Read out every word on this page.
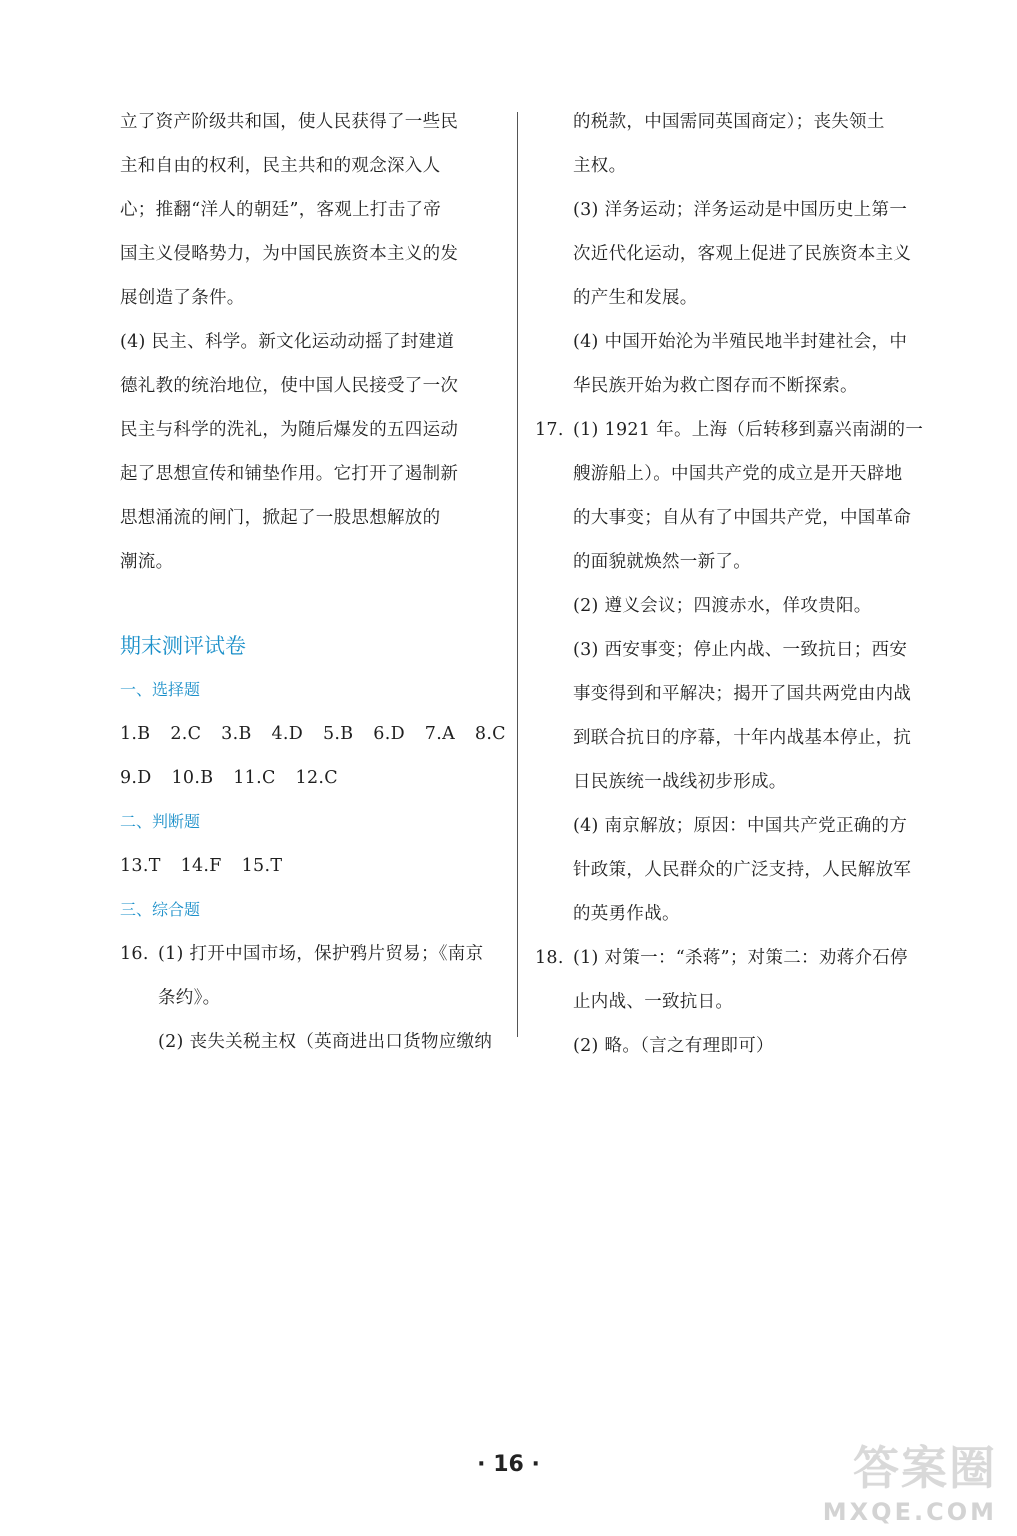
立了资产阶级共和国，使人民获得了一些民
主和自由的权利，民主共和的观念深入人
心；推翻“洋人的朝廷”，客观上打击了帝
国主义侵略势力，为中国民族资本主义的发
展创造了条件。
(4) 民主、科学。新文化运动动摇了封建道
德礼教的统治地位，使中国人民接受了一次
民主与科学的洗礼，为随后爆发的五四运动
起了思想宣传和铺垫作用。它打开了遏制新
思想涌流的闸门，掀起了一股思想解放的
潮流。
期末测评试卷
一、选择题
1.B 2.C 3.B 4.D 5.B 6.D 7.A 8.C
9.D 10.B 11.C 12.C
二、判断题
13.T 14.F 15.T
三、综合题
16. (1) 打开中国市场，保护鸦片贸易；《南京
条约》。
(2) 丧失关税主权（英商进出口货物应缴纳
的税款，中国需同英国商定）；丧失领土
主权。
(3) 洋务运动；洋务运动是中国历史上第一
次近代化运动，客观上促进了民族资本主义
的产生和发展。
(4) 中国开始沦为半殖民地半封建社会，中
华民族开始为救亡图存而不断探索。
17. (1) 1921 年。上海（后转移到嘉兴南湖的一
艘游船上）。中国共产党的成立是开天辟地
的大事变；自从有了中国共产党，中国革命
的面貌就焕然一新了。
(2) 遵义会议；四渡赤水，佯攻贵阳。
(3) 西安事变；停止内战、一致抗日；西安
事变得到和平解决；揭开了国共两党由内战
到联合抗日的序幕，十年内战基本停止，抗
日民族统一战线初步形成。
(4) 南京解放；原因：中国共产党正确的方
针政策，人民群众的广泛支持，人民解放军
的英勇作战。
18. (1) 对策一：“杀蒋”；对策二：劝蒋介石停
止内战、一致抗日。
(2) 略。（言之有理即可）
· 16 ·	答案圈
MXQE.COM
